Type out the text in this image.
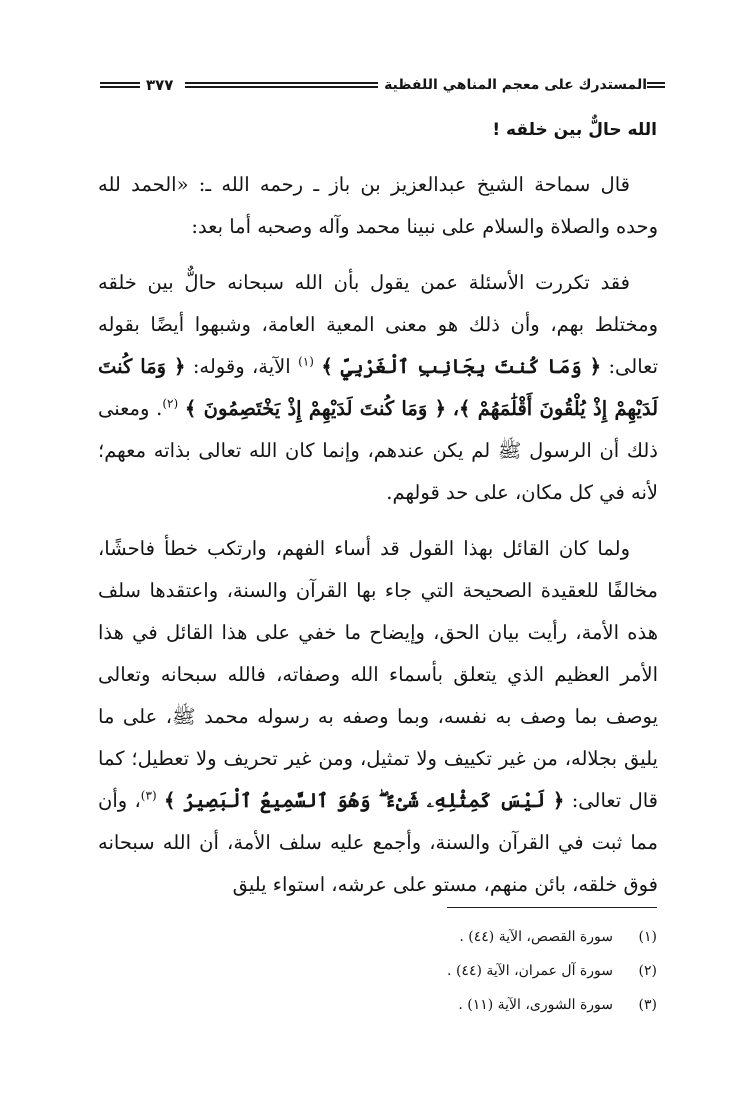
المستدرك على معجم المناهي اللفظية
٣٧٧
الله حالٌّ بين خلقه !

قال سماحة الشيخ عبدالعزيز بن باز ـ رحمه الله ـ: «الحمد لله وحده والصلاة والسلام على نبينا محمد وآله وصحبه أما بعد:

فقد تكررت الأسئلة عمن يقول بأن الله سبحانه حالٌّ بين خلقه ومختلط بهم، وأن ذلك هو معنى المعية العامة، وشبهوا أيضًا بقوله تعالى: ﴿ وَمَا كُنتَ بِجَانِبِ ٱلْغَرْبِيِّ ﴾ $^{(١)}$ الآية، وقوله: ﴿ وَمَا كُنتَ لَدَيْهِمْ إِذْ يُلْقُونَ أَقْلَٰمَهُمْ ﴾، ﴿ وَمَا كُنتَ لَدَيْهِمْ إِذْ يَخْتَصِمُونَ ﴾ $^{(٢)}$. ومعنى ذلك أن الرسول ﷺ لم يكن عندهم، وإنما كان الله تعالى بذاته معهم؛ لأنه في كل مكان، على حد قولهم.

ولما كان القائل بهذا القول قد أساء الفهم، وارتكب خطأ فاحشًا، مخالفًا للعقيدة الصحيحة التي جاء بها القرآن والسنة، واعتقدها سلف هذه الأمة، رأيت بيان الحق، وإيضاح ما خفي على هذا القائل في هذا الأمر العظيم الذي يتعلق بأسماء الله وصفاته، فالله سبحانه وتعالى يوصف بما وصف به نفسه، وبما وصفه به رسوله محمد ﷺ، على ما يليق بجلاله، من غير تكييف ولا تمثيل، ومن غير تحريف ولا تعطيل؛ كما قال تعالى: ﴿ لَيْسَ كَمِثْلِهِۦ شَىْءٌ ۖ وَهُوَ ٱلسَّمِيعُ ٱلْبَصِيرُ ﴾ $^{(٣)}$، وأن مما ثبت في القرآن والسنة، وأجمع عليه سلف الأمة، أن الله سبحانه فوق خلقه، بائن منهم، مستو على عرشه، استواء يليق

(١)سورة القصص، الآية (٤٤) .
(٢)سورة آل عمران، الآية (٤٤) .
(٣)سورة الشورى، الآية (١١) .
